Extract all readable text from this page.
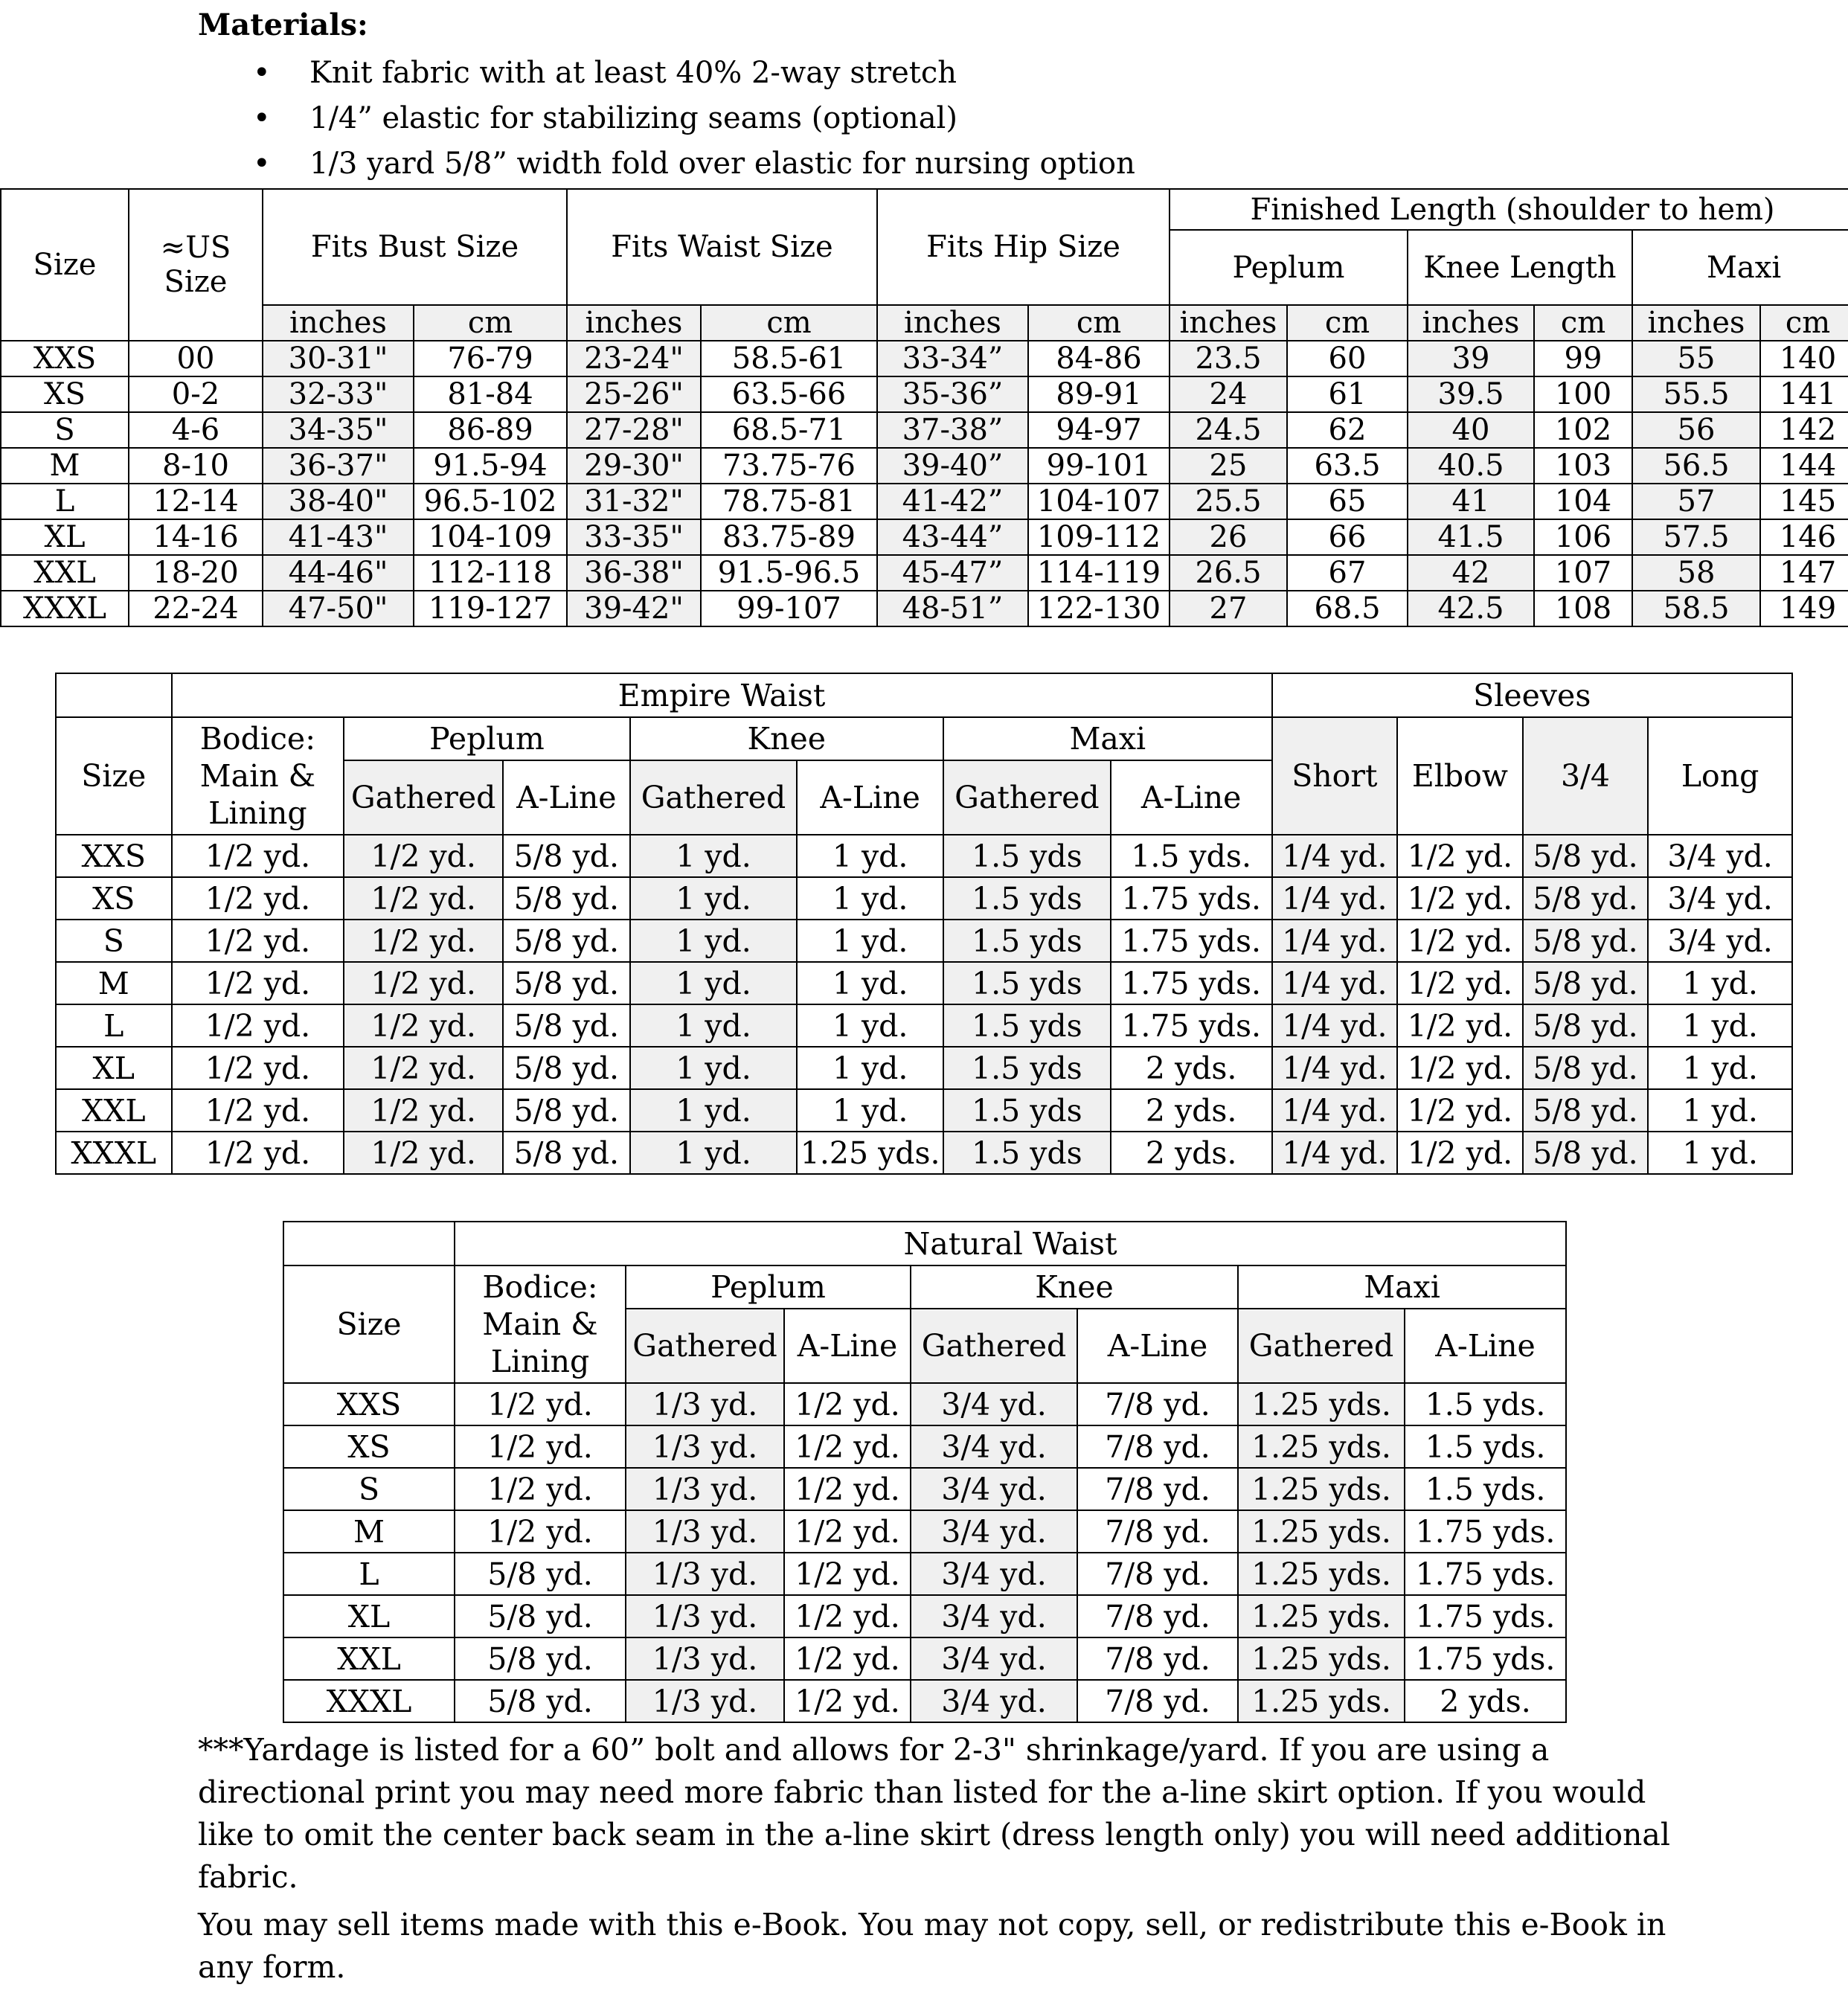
Materials:
• Knit fabric with at least 40% 2-way stretch
• 1/4” elastic for stabilizing seams (optional)
• 1/3 yard 5/8” width fold over elastic for nursing option
Size	≈US Size	Fits Bust Size		Fits Waist Size		Fits Hip Size		Finished Length (shoulder to hem)					
								Peplum		Knee Length		Maxi	
		inches	cm	inches	cm	inches	cm	inches	cm	inches	cm	inches	cm
XXS	00	30-31"	76-79	23-24"	58.5-61	33-34”	84-86	23.5	60	39	99	55	140
XS	0-2	32-33"	81-84	25-26"	63.5-66	35-36”	89-91	24	61	39.5	100	55.5	141
S	4-6	34-35"	86-89	27-28"	68.5-71	37-38”	94-97	24.5	62	40	102	56	142
M	8-10	36-37"	91.5-94	29-30"	73.75-76	39-40”	99-101	25	63.5	40.5	103	56.5	144
L	12-14	38-40"	96.5-102	31-32"	78.75-81	41-42”	104-107	25.5	65	41	104	57	145
XL	14-16	41-43"	104-109	33-35"	83.75-89	43-44”	109-112	26	66	41.5	106	57.5	146
XXL	18-20	44-46"	112-118	36-38"	91.5-96.5	45-47”	114-119	26.5	67	42	107	58	147
XXXL	22-24	47-50"	119-127	39-42"	99-107	48-51”	122-130	27	68.5	42.5	108	58.5	149
	Empire Waist							Sleeves			
Size	Bodice: Main & Lining	Peplum		Knee		Maxi		Short	Elbow	3/4	Long
		Gathered	A-Line	Gathered	A-Line	Gathered	A-Line				
XXS	1/2 yd.	1/2 yd.	5/8 yd.	1 yd.	1 yd.	1.5 yds	1.5 yds.	1/4 yd.	1/2 yd.	5/8 yd.	3/4 yd.
XS	1/2 yd.	1/2 yd.	5/8 yd.	1 yd.	1 yd.	1.5 yds	1.75 yds.	1/4 yd.	1/2 yd.	5/8 yd.	3/4 yd.
S	1/2 yd.	1/2 yd.	5/8 yd.	1 yd.	1 yd.	1.5 yds	1.75 yds.	1/4 yd.	1/2 yd.	5/8 yd.	3/4 yd.
M	1/2 yd.	1/2 yd.	5/8 yd.	1 yd.	1 yd.	1.5 yds	1.75 yds.	1/4 yd.	1/2 yd.	5/8 yd.	1 yd.
L	1/2 yd.	1/2 yd.	5/8 yd.	1 yd.	1 yd.	1.5 yds	1.75 yds.	1/4 yd.	1/2 yd.	5/8 yd.	1 yd.
XL	1/2 yd.	1/2 yd.	5/8 yd.	1 yd.	1 yd.	1.5 yds	2 yds.	1/4 yd.	1/2 yd.	5/8 yd.	1 yd.
XXL	1/2 yd.	1/2 yd.	5/8 yd.	1 yd.	1 yd.	1.5 yds	2 yds.	1/4 yd.	1/2 yd.	5/8 yd.	1 yd.
XXXL	1/2 yd.	1/2 yd.	5/8 yd.	1 yd.	1.25 yds.	1.5 yds	2 yds.	1/4 yd.	1/2 yd.	5/8 yd.	1 yd.
	Natural Waist						
Size	Bodice: Main & Lining	Peplum		Knee		Maxi	
		Gathered	A-Line	Gathered	A-Line	Gathered	A-Line
XXS	1/2 yd.	1/3 yd.	1/2 yd.	3/4 yd.	7/8 yd.	1.25 yds.	1.5 yds.
XS	1/2 yd.	1/3 yd.	1/2 yd.	3/4 yd.	7/8 yd.	1.25 yds.	1.5 yds.
S	1/2 yd.	1/3 yd.	1/2 yd.	3/4 yd.	7/8 yd.	1.25 yds.	1.5 yds.
M	1/2 yd.	1/3 yd.	1/2 yd.	3/4 yd.	7/8 yd.	1.25 yds.	1.75 yds.
L	5/8 yd.	1/3 yd.	1/2 yd.	3/4 yd.	7/8 yd.	1.25 yds.	1.75 yds.
XL	5/8 yd.	1/3 yd.	1/2 yd.	3/4 yd.	7/8 yd.	1.25 yds.	1.75 yds.
XXL	5/8 yd.	1/3 yd.	1/2 yd.	3/4 yd.	7/8 yd.	1.25 yds.	1.75 yds.
XXXL	5/8 yd.	1/3 yd.	1/2 yd.	3/4 yd.	7/8 yd.	1.25 yds.	2 yds.
***Yardage is listed for a 60” bolt and allows for 2-3" shrinkage/yard. If you are using a directional print you may need more fabric than listed for the a-line skirt option. If you would like to omit the center back seam in the a-line skirt (dress length only) you will need additional fabric.
You may sell items made with this e-Book. You may not copy, sell, or redistribute this e-Book in any form.
